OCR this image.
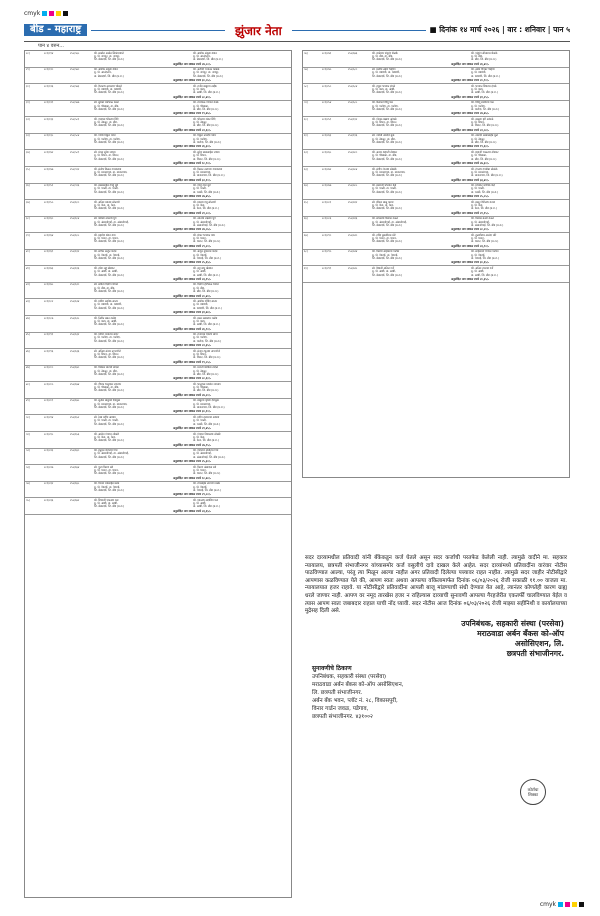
cmyk
बीड - महाराष्ट्र	झुंजार नेता	■ दिनांक १४ मार्च २०२६ | वार : शनिवार | पान ५
पान ४ वरुन...
२८)	२८१/११४	२५५/५६८	श्री. सखोल आसेन सिकंदरवाले
मु. पो. जयपूर, ता. जयपूर,
जि. बेमप्रदर्श, जि. बीड (म.रा.)
श्री. अशोक अंकुश वाकर
मु. पो. आनंदनगर,
ता. बेमप्रदर्श, जि. बीड (म.रा.)
अनुमोदित नाव रक्कम रुपये २४,८०/-
२९)	२८१/१२०	२५५/५७०	श्री. अशोक अंकुश वाकर
मु. पो. आनंदनगर,
ता. बेमप्रदर्श, जि. बीड (म.रा.)
श्री. अरविंद गजानन कांबळे
मु. पो. जयपूर, ता. जयपूर,
जि. बेमप्रदर्श, जि. बीड (म.रा.)
अनुमोदित नाव रक्कम रुपये ३०,५५/-
३०)	२८१/१२६	२५५/५७३	श्री. वैजनाथ उत्तमराव भोसले
मु. पो. वडवणी, ता. वडवणी,
जि. बेमप्रदर्श, जि. बीड (म.रा.)
श्री. राजेंद्र बाबुराव नाईक
मु. पो. कडा,
ता. आष्टी, जि. बीड (म.रा.)
अनुमोदित नाव रक्कम रुपये २८,४०/-
३१)	२८१/१२९	२५५/५७७	सौ. सुरेखा रामभाऊ काळे
मु. पो. चौसाळा, ता. बीड,
जि. बेमप्रदर्श, जि. बीड (म.रा.)
श्री. रामभाऊ गणपत काळे
मु. पो. चौसाळा,
ता. बीड, जि. बीड (म.रा.)
अनुमोदित नाव रक्कम रुपये १९,७५/-
३२)	२८१/१३३	२५५/५८१	श्री. दत्तात्रय भीमराव शिंदे
मु. पो. नेकनूर, ता. बीड,
जि. बेमप्रदर्श, जि. बीड (म.रा.)
श्री. भीमराव शंकर शिंदे
मु. पो. नेकनूर,
ता. बीड, जि. बीड (म.रा.)
अनुमोदित नाव रक्कम रुपये २२,६०/-
३३)	२८१/१३८	२५५/५८४	श्री. गणेश विठ्ठल पवार
मु. पो. पाटोदा, ता. पाटोदा,
जि. बेमप्रदर्श, जि. बीड (म.रा.)
श्री. विठ्ठल नामदेव पवार
मु. पो. पाटोदा,
ता. पाटोदा, जि. बीड (म.रा.)
अनुमोदित नाव रक्कम रुपये २६,३०/-
३४)	२८१/१४२	२५५/५८९	सौ. मंगल सुरेश जाधव
मु. पो. शिरूर, ता. शिरूर,
जि. बेमप्रदर्श, जि. बीड (म.रा.)
श्री. सुरेश बाबासाहेब जाधव
मु. पो. शिरूर,
ता. शिरूर, जि. बीड (म.रा.)
अनुमोदित नाव रक्कम रुपये १८,९०/-
३५)	२८१/१४७	२५५/५९२	श्री. संतोष किसन गायकवाड
मु. पो. माजलगाव, ता. माजलगाव,
जि. बेमप्रदर्श, जि. बीड (म.रा.)
श्री. किसन नारायण गायकवाड
मु. पो. माजलगाव,
ता. माजलगाव, जि. बीड (म.रा.)
अनुमोदित नाव रक्कम रुपये ३२,१०/-
३६)	२८१/१५१	२५५/५९६	श्री. बाळासाहेब दगडू मुंडे
मु. पो. परळी, ता. परळी,
जि. बेमप्रदर्श, जि. बीड (म.रा.)
श्री. दगडू रामा मुंडे
मु. पो. परळी,
ता. परळी, जि. बीड (म.रा.)
अनुमोदित नाव रक्कम रुपये २७,४५/-
३७)	२८१/१५५	२५५/६००	श्री. अनिल प्रकाश सोनवणे
मु. पो. केज, ता. केज,
जि. बेमप्रदर्श, जि. बीड (म.रा.)
श्री. प्रकाश दत्तू सोनवणे
मु. पो. केज,
ता. केज, जि. बीड (म.रा.)
अनुमोदित नाव रक्कम रुपये २१,८०/-
३८)	२८१/१६०	२५५/६०४	सौ. कविता नवनाथ घुगे
मु. पो. अंबाजोगाई, ता. अंबाजोगाई,
जि. बेमप्रदर्श, जि. बीड (म.रा.)
श्री. नवनाथ लक्ष्मण घुगे
मु. पो. अंबाजोगाई,
ता. अंबाजोगाई, जि. बीड (म.रा.)
अनुमोदित नाव रक्कम रुपये २४,५५/-
३९)	२८१/१६४	२५५/६०८	श्री. महादेव शंकर वाघ
मु. पो. धारूर, ता. धारूर,
जि. बेमप्रदर्श, जि. बीड (म.रा.)
श्री. शंकर भगवान वाघ
मु. पो. धारूर,
ता. धारूर, जि. बीड (म.रा.)
अनुमोदित नाव रक्कम रुपये २९,२०/-
४०)	२८१/१६९	२५५/६१२	श्री. सचिन अर्जुन कदम
मु. पो. गेवराई, ता. गेवराई,
जि. बेमप्रदर्श, जि. बीड (म.रा.)
श्री. अर्जुन तुकाराम कदम
मु. पो. गेवराई,
ता. गेवराई, जि. बीड (म.रा.)
अनुमोदित नाव रक्कम रुपये २५,६५/-
४१)	२८१/१७३	२५५/६१६	श्री. रमेश लहू खेडकर
मु. पो. आष्टी, ता. आष्टी,
जि. बेमप्रदर्श, जि. बीड (म.रा.)
श्री. लहू बापू खेडकर
मु. पो. आष्टी,
ता. आष्टी, जि. बीड (म.रा.)
अनुमोदित नाव रक्कम रुपये २३,१५/-
४२)	२८१/१७८	२५५/६२०	सौ. सविता दिलीप थोरात
मु. पो. बीड, ता. बीड,
जि. बेमप्रदर्श, जि. बीड (म.रा.)
श्री. दिलीप हरिभाऊ थोरात
मु. पो. बीड,
ता. बीड, जि. बीड (म.रा.)
अनुमोदित नाव रक्कम रुपये २०,४०/-
४३)	२८१/१८२	२५५/६२४	श्री. प्रवीण अशोक सानप
मु. पो. वडवणी, ता. वडवणी,
जि. बेमप्रदर्श, जि. बीड (म.रा.)
श्री. अशोक गोविंद सानप
मु. पो. वडवणी,
ता. वडवणी, जि. बीड (म.रा.)
अनुमोदित नाव रक्कम रुपये ३१,७०/-
४४)	२८१/१८७	२५५/६२८	श्री. नितीन बबन राठोड
मु. पो. कडा, ता. आष्टी,
जि. बेमप्रदर्श, जि. बीड (म.रा.)
श्री. बबन सखाराम राठोड
मु. पो. कडा,
ता. आष्टी, जि. बीड (म.रा.)
अनुमोदित नाव रक्कम रुपये २६,९०/-
४५)	२८१/१९१	२५५/६३२	श्री. योगेश राजाराम बांगर
मु. पो. पाटोदा, ता. पाटोदा,
जि. बेमप्रदर्श, जि. बीड (म.रा.)
श्री. राजाराम दशरथ बांगर
मु. पो. पाटोदा,
ता. पाटोदा, जि. बीड (म.रा.)
अनुमोदित नाव रक्कम रुपये २२,३५/-
४६)	२८१/१९६	२५५/६३६	सौ. अनिता संजय नागरगोजे
मु. पो. शिरूर, ता. शिरूर,
जि. बेमप्रदर्श, जि. बीड (म.रा.)
श्री. संजय रघुनाथ नागरगोजे
मु. पो. शिरूर,
ता. शिरूर, जि. बीड (म.रा.)
अनुमोदित नाव रक्कम रुपये १९,८५/-
४७)	२८१/२००	२५५/६४०	श्री. विकास मारुती तांदळे
मु. पो. नेकनूर, ता. बीड,
जि. बेमप्रदर्श, जि. बीड (म.रा.)
श्री. मारुती कोंडिबा तांदळे
मु. पो. नेकनूर,
ता. बीड, जि. बीड (म.रा.)
अनुमोदित नाव रक्कम रुपये २८,६०/-
४८)	२८१/२०५	२५५/६४४	श्री. दीपक भानुदास जगताप
मु. पो. चौसाळा, ता. बीड,
जि. बेमप्रदर्श, जि. बीड (म.रा.)
श्री. भानुदास यशवंत जगताप
मु. पो. चौसाळा,
ता. बीड, जि. बीड (म.रा.)
अनुमोदित नाव रक्कम रुपये २४,२०/-
४९)	२८१/२०९	२५५/६४८	श्री. सुनील बाबुराव देशमुख
मु. पो. माजलगाव, ता. माजलगाव,
जि. बेमप्रदर्श, जि. बीड (म.रा.)
श्री. बाबुराव कृष्णा देशमुख
मु. पो. माजलगाव,
ता. माजलगाव, जि. बीड (म.रा.)
अनुमोदित नाव रक्कम रुपये ३०,१०/-
५०)	२८१/२१४	२५५/६५२	सौ. रेखा प्रदीप आघाव
मु. पो. परळी, ता. परळी,
जि. बेमप्रदर्श, जि. बीड (म.रा.)
श्री. प्रदीप तात्याराव आघाव
मु. पो. परळी,
ता. परळी, जि. बीड (म.रा.)
अनुमोदित नाव रक्कम रुपये २१,४५/-
५१)	२८१/२१८	२५५/६५६	श्री. अमोल गंगाधर लोखंडे
मु. पो. केज, ता. केज,
जि. बेमप्रदर्श, जि. बीड (म.रा.)
श्री. गंगाधर विश्वनाथ लोखंडे
मु. पो. केज,
ता. केज, जि. बीड (म.रा.)
अनुमोदित नाव रक्कम रुपये २७,९५/-
५२)	२८१/२२३	२५५/६६०	श्री. हनुमंत दादाराव गिते
मु. पो. अंबाजोगाई, ता. अंबाजोगाई,
जि. बेमप्रदर्श, जि. बीड (म.रा.)
श्री. दादाराव मोतीराम गिते
मु. पो. अंबाजोगाई,
ता. अंबाजोगाई, जि. बीड (म.रा.)
अनुमोदित नाव रक्कम रुपये २५,३०/-
५३)	२८१/२२७	२५५/६६४	सौ. पूजा किरण बडे
मु. पो. धारूर, ता. धारूर,
जि. बेमप्रदर्श, जि. बीड (म.रा.)
श्री. किरण अंबादास बडे
मु. पो. धारूर,
ता. धारूर, जि. बीड (म.रा.)
अनुमोदित नाव रक्कम रुपये १८,७०/-
५४)	२८१/२३२	२५५/६६८	श्री. विजय रावसाहेब मस्के
मु. पो. गेवराई, ता. गेवराई,
जि. बेमप्रदर्श, जि. बीड (म.रा.)
श्री. रावसाहेब नारायण मस्के
मु. पो. गेवराई,
ता. गेवराई, जि. बीड (म.रा.)
अनुमोदित नाव रक्कम रुपये २९,८०/-
५५)	२८१/२३६	२५५/६७२	श्री. शिवाजी एकनाथ फड
मु. पो. आष्टी, ता. आष्टी,
जि. बेमप्रदर्श, जि. बीड (म.रा.)
श्री. एकनाथ सदाशिव फड
मु. पो. आष्टी,
ता. आष्टी, जि. बीड (म.रा.)
अनुमोदित नाव रक्कम रुपये २३,६५/-
५६)	२८१/२४१	२५५/६७६	श्री. ज्ञानेश्वर पांडुरंग शेळके
मु. पो. बीड, ता. बीड,
जि. बेमप्रदर्श, जि. बीड (म.रा.)
श्री. पांडुरंग सीताराम शेळके
मु. पो. बीड,
ता. बीड, जि. बीड (म.रा.)
अनुमोदित नाव रक्कम रुपये २६,४०/-
५७)	२८१/२४५	२५५/६८०	सौ. मनीषा उमेश चव्हाण
मु. पो. वडवणी, ता. वडवणी,
जि. बेमप्रदर्श, जि. बीड (म.रा.)
श्री. उमेश दिगंबर चव्हाण
मु. पो. वडवणी,
ता. वडवणी, जि. बीड (म.रा.)
अनुमोदित नाव रक्कम रुपये २०,९०/-
५८)	२८१/२५०	२५५/६८४	श्री. राहुल भगवान इंगळे
मु. पो. कडा, ता. आष्टी,
जि. बेमप्रदर्श, जि. बीड (म.रा.)
श्री. भगवान शिवराम इंगळे
मु. पो. कडा,
ता. आष्टी, जि. बीड (म.रा.)
अनुमोदित नाव रक्कम रुपये ३१,२५/-
५९)	२८१/२५४	२५५/६८८	श्री. कैलास विष्णू धस
मु. पो. पाटोदा, ता. पाटोदा,
जि. बेमप्रदर्श, जि. बीड (म.रा.)
श्री. विष्णू बाजीराव धस
मु. पो. पाटोदा,
ता. पाटोदा, जि. बीड (म.रा.)
अनुमोदित नाव रक्कम रुपये २४,७५/-
६०)	२८१/२५९	२५५/६९२	श्री. गोरख लक्ष्मण आंधळे
मु. पो. शिरूर, ता. शिरूर,
जि. बेमप्रदर्श, जि. बीड (म.रा.)
श्री. लक्ष्मण हरी आंधळे
मु. पो. शिरूर,
ता. शिरूर, जि. बीड (म.रा.)
अनुमोदित नाव रक्कम रुपये २२,५०/-
६१)	२८१/२६३	२५५/६९६	सौ. ज्योती नामदेव मुळे
मु. पो. नेकनूर, ता. बीड,
जि. बेमप्रदर्श, जि. बीड (म.रा.)
श्री. नामदेव आबासाहेब मुळे
मु. पो. नेकनूर,
ता. बीड, जि. बीड (म.रा.)
अनुमोदित नाव रक्कम रुपये १९,६०/-
६२)	२८१/२६८	२५५/७००	श्री. अजय शहाजी तोडकर
मु. पो. चौसाळा, ता. बीड,
जि. बेमप्रदर्श, जि. बीड (म.रा.)
श्री. शहाजी भाऊराव तोडकर
मु. पो. चौसाळा,
ता. बीड, जि. बीड (म.रा.)
अनुमोदित नाव रक्कम रुपये २७,३०/-
६३)	२८१/२७२	२५५/७०४	श्री. संदीप रंगनाथ सोळंके
मु. पो. माजलगाव, ता. माजलगाव,
जि. बेमप्रदर्श, जि. बीड (म.रा.)
श्री. रंगनाथ दगडोबा सोळंके
मु. पो. माजलगाव,
ता. माजलगाव, जि. बीड (म.रा.)
अनुमोदित नाव रक्कम रुपये ३३,४०/-
६४)	२८१/२७७	२५५/७०८	श्री. बालाजी प्रभाकर केंद्रे
मु. पो. परळी, ता. परळी,
जि. बेमप्रदर्श, जि. बीड (म.रा.)
श्री. प्रभाकर माणिक केंद्रे
मु. पो. परळी,
ता. परळी, जि. बीड (म.रा.)
अनुमोदित नाव रक्कम रुपये २५,८५/-
६५)	२८१/२८१	२५५/७१२	सौ. शीतल बाळू कराड
मु. पो. केज, ता. केज,
जि. बेमप्रदर्श, जि. बीड (म.रा.)
श्री. बाळू गोपीनाथ कराड
मु. पो. केज,
ता. केज, जि. बीड (म.रा.)
अनुमोदित नाव रक्कम रुपये २१,१५/-
६६)	२८१/२८६	२५५/७१६	श्री. सोमनाथ विलास राऊत
मु. पो. अंबाजोगाई, ता. अंबाजोगाई,
जि. बेमप्रदर्श, जि. बीड (म.रा.)
श्री. विलास बन्सी राऊत
मु. पो. अंबाजोगाई,
ता. अंबाजोगाई, जि. बीड (म.रा.)
अनुमोदित नाव रक्कम रुपये २८,२०/-
६७)	२८१/२९०	२५५/७२०	श्री. रवींद्र तुळशीराम मोरे
मु. पो. धारूर, ता. धारूर,
जि. बेमप्रदर्श, जि. बीड (म.रा.)
श्री. तुळशीराम आनंदा मोरे
मु. पो. धारूर,
ता. धारूर, जि. बीड (म.रा.)
अनुमोदित नाव रक्कम रुपये २३,९०/-
६८)	२८१/२९५	२५५/७२४	श्री. किशोर साहेबराव पाटील
मु. पो. गेवराई, ता. गेवराई,
जि. बेमप्रदर्श, जि. बीड (म.रा.)
श्री. साहेबराव गणपत पाटील
मु. पो. गेवराई,
ता. गेवराई, जि. बीड (म.रा.)
अनुमोदित नाव रक्कम रुपये ३०,६५/-
६९)	२८१/२९९	२५५/७२८	सौ. वैशाली अनिल गर्जे
मु. पो. आष्टी, ता. आष्टी,
जि. बेमप्रदर्श, जि. बीड (म.रा.)
श्री. अनिल रामराव गर्जे
मु. पो. आष्टी,
ता. आष्टी, जि. बीड (म.रा.)
अनुमोदित नाव रक्कम रुपये २०,३५/-
सदर दाव्यामधील प्रतिवादी यांनी बँकेकडून कर्ज घेतले असून सदर कर्जाची परतफेड केलेली नाही. त्यामुळे वादीने मा. सहकार न्यायालय, छत्रपती संभाजीनगर यांच्यासमोर कर्ज वसुलीचे दावे दाखल केले आहेत. सदर दाव्यांमध्ये प्रतिवादींना वारंवार नोटीस पाठविण्यात आल्या, परंतु त्या मिळून आल्या नाहीत अगर प्रतिवादी दिलेल्या पत्त्यावर राहत नाहीत. त्यामुळे सदर जाहीर नोटीसीद्वारे आपणास कळविण्यात येते की, आपण स्वतः अथवा आपल्या वकिलामार्फत दिनांक ०६/०३/२०२६ रोजी सकाळी ११.०० वाजता मा. न्यायालयात हजर राहावे. या नोटीसीद्वारे प्रतिवादींना आपली बाजू मांडण्याची संधी देण्यात येत आहे, त्यानंतर कोणतेही कारण ग्राह्य धरले जाणार नाही. आपण वर नमूद तारखेस हजर न राहिल्यास दाव्याची सुनावणी आपल्या गैरहजेरीत एकतर्फी चालविण्यात येईल व त्यास आपण स्वतः जबाबदार राहाल याची नोंद घ्यावी. सदर नोटीस आज दिनांक ०६/०३/२०२६ रोजी माझ्या सहीनिशी व कार्यालयाच्या मुद्रेसह दिली असे.
उपनिबंधक, सहकारी संस्था (परसेवा)
मराठवाडा अर्बन बँकस को-ऑप
असोसिएशन, लि.
छत्रपती संभाजीनगर.
सुनावणीचे ठिकाण
उपनिबंधक, सहकारी संस्था (परसेवा)
मराठवाडा अर्बन बँकस को-ऑप असोसिएशन,
लि. छत्रपती संभाजीनगर.
अर्बन बँक भवन, प्लॉट नं. २८, विकासपुरी,
विनार गार्डन जवळ, पडेगाव,
छत्रपती संभाजीनगर. ४३१००२
कोर्टाचा
शिक्का
cmyk
